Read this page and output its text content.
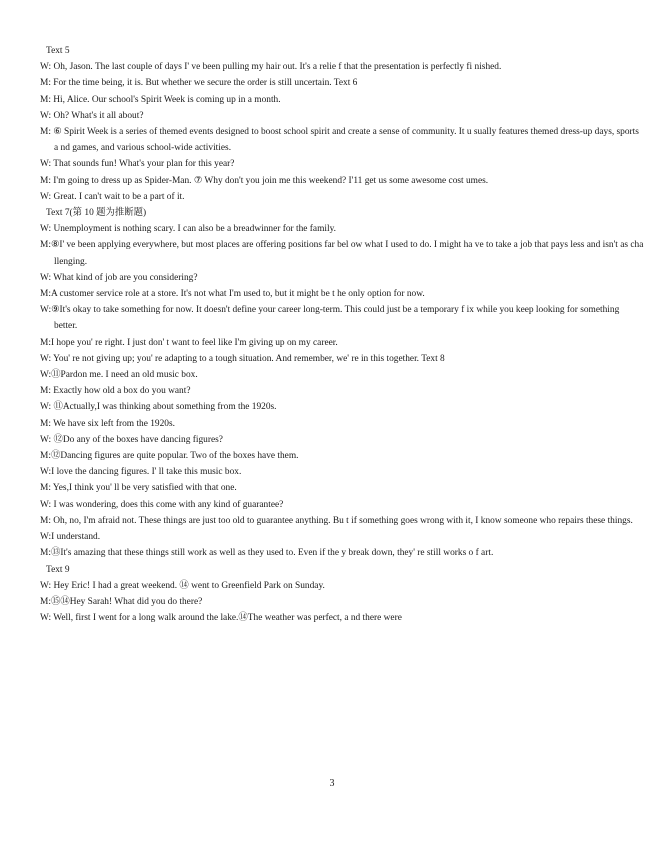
Text 5

W: Oh, Jason. The last couple of days I' ve been pulling my hair out. It's a relie f that the presentation is perfectly fi nished.

M: For the time being, it is. But whether we secure the order is still uncertain. Text 6

M: Hi, Alice. Our school's Spirit Week is coming up in a month.

W: Oh? What's it all about?

M: ⑥ Spirit Week is a series of themed events designed to boost school spirit and create a sense of community. It u sually features themed dress-up days, sports a nd games, and various school-wide activities.

W: That sounds fun! What's your plan for this year?

M: I'm going to dress up as Spider-Man. ⑦ Why don't you join me this weekend? I'11 get us some awesome cost umes.

W: Great. I can't wait to be a part of it.

Text 7(第 10 题为推断题)

W: Unemployment is nothing scary. I can also be a breadwinner for the family.

M:⑧I' ve been applying everywhere, but most places are offering positions far bel ow what I used to do. I might ha ve to take a job that pays less and isn't as cha llenging.

W: What kind of job are you considering?

M:A customer service role at a store. It's not what I'm used to, but it might be t he only option for now.

W:⑨It's okay to take something for now. It doesn't define your career long-term. This could just be a temporary f ix while you keep looking for something better.

M:I hope you' re right. I just don' t want to feel like I'm giving up on my career.

W: You' re not giving up; you' re adapting to a tough situation. And remember, we' re in this together. Text 8

W:⑪Pardon me. I need an old music box.

M: Exactly how old a box do you want?

W: ⑪Actually,I was thinking about something from the 1920s.

M: We have six left from the 1920s.

W: ⑫Do any of the boxes have dancing figures?

M:⑫Dancing figures are quite popular. Two of the boxes have them.

W:I love the dancing figures. I' ll take this music box.

M: Yes,I think you' ll be very satisfied with that one.

W: I was wondering, does this come with any kind of guarantee?

M: Oh, no, I'm afraid not. These things are just too old to guarantee anything. Bu t if something goes wrong with it, I know someone who repairs these things.

W:I understand.

M:⑬It's amazing that these things still work as well as they used to. Even if the y break down, they' re still works o f art.

Text 9

W: Hey Eric! I had a great weekend. ⑭ went to Greenfield Park on Sunday.

M:⑮⑭Hey Sarah! What did you do there?

W: Well, first I went for a long walk around the lake.⑭The weather was perfect, a nd there were

3
